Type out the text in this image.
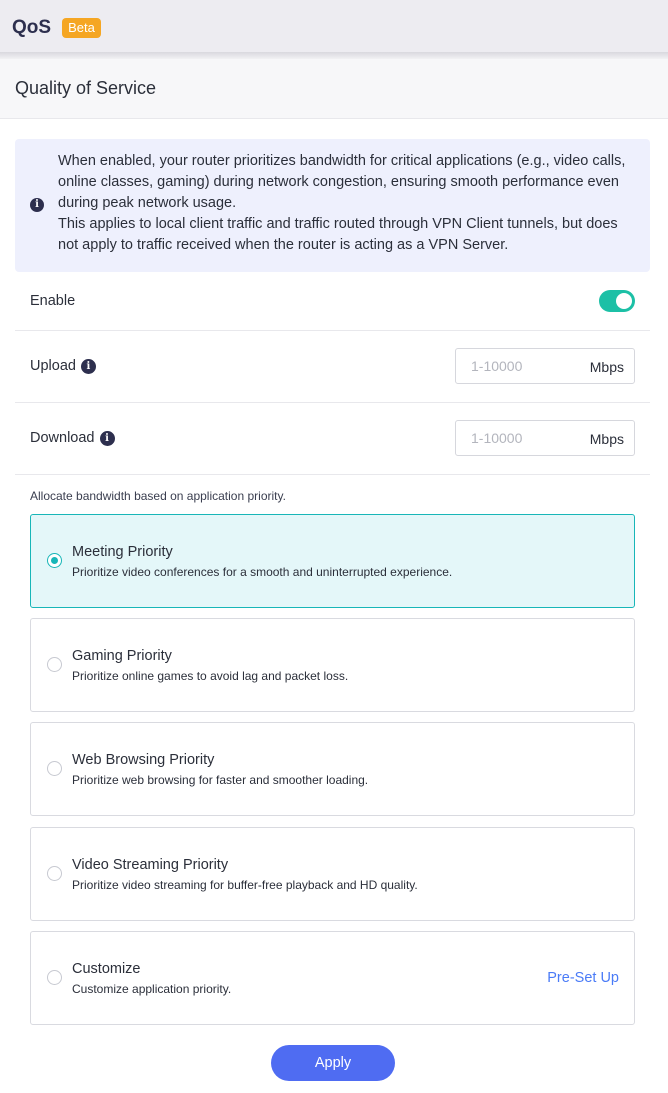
QoS	Beta
Quality of Service
i
When enabled, your router prioritizes bandwidth for critical applications (e.g., video calls, online classes, gaming) during network congestion, ensuring smooth performance even during peak network usage.
This applies to local client traffic and traffic routed through VPN Client tunnels, but does not apply to traffic received when the router is acting as a VPN Server.
Enable
Upload	i
1-10000	Mbps
Download	i
1-10000	Mbps
Allocate bandwidth based on application priority.
Meeting Priority
Prioritize video conferences for a smooth and uninterrupted experience.
Gaming Priority
Prioritize online games to avoid lag and packet loss.
Web Browsing Priority
Prioritize web browsing for faster and smoother loading.
Video Streaming Priority
Prioritize video streaming for buffer-free playback and HD quality.
Customize
Customize application priority.
Pre-Set Up
Apply
